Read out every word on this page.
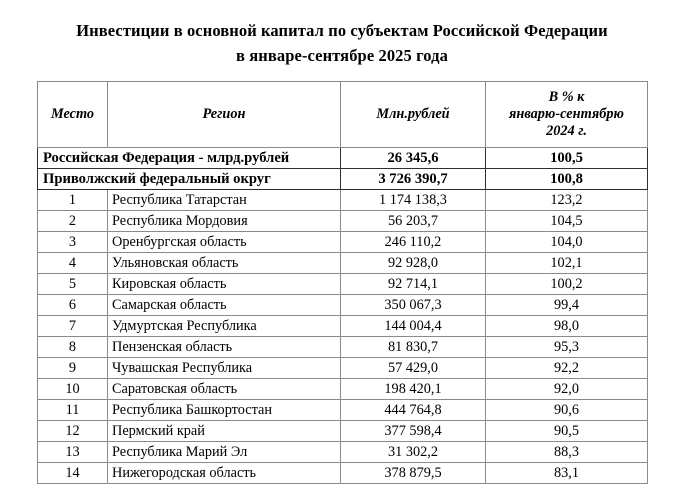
Инвестиции в основной капитал по субъектам Российской Федерации
в январе-сентябре 2025 года
Место	Регион	Млн.рублей	В % к
январю-сентябрю
2024 г.

Российская Федерация - млрд.рублей		26 345,6	100,5
Приволжский федеральный округ		3 726 390,7	100,8
1	Республика Татарстан	1 174 138,3	123,2
2	Республика Мордовия	56 203,7	104,5
3	Оренбургская область	246 110,2	104,0
4	Ульяновская область	92 928,0	102,1
5	Кировская область	92 714,1	100,2
6	Самарская область	350 067,3	99,4
7	Удмуртская Республика	144 004,4	98,0
8	Пензенская область	81 830,7	95,3
9	Чувашская Республика	57 429,0	92,2
10	Саратовская область	198 420,1	92,0
11	Республика Башкортостан	444 764,8	90,6
12	Пермский край	377 598,4	90,5
13	Республика Марий Эл	31 302,2	88,3
14	Нижегородская область	378 879,5	83,1
